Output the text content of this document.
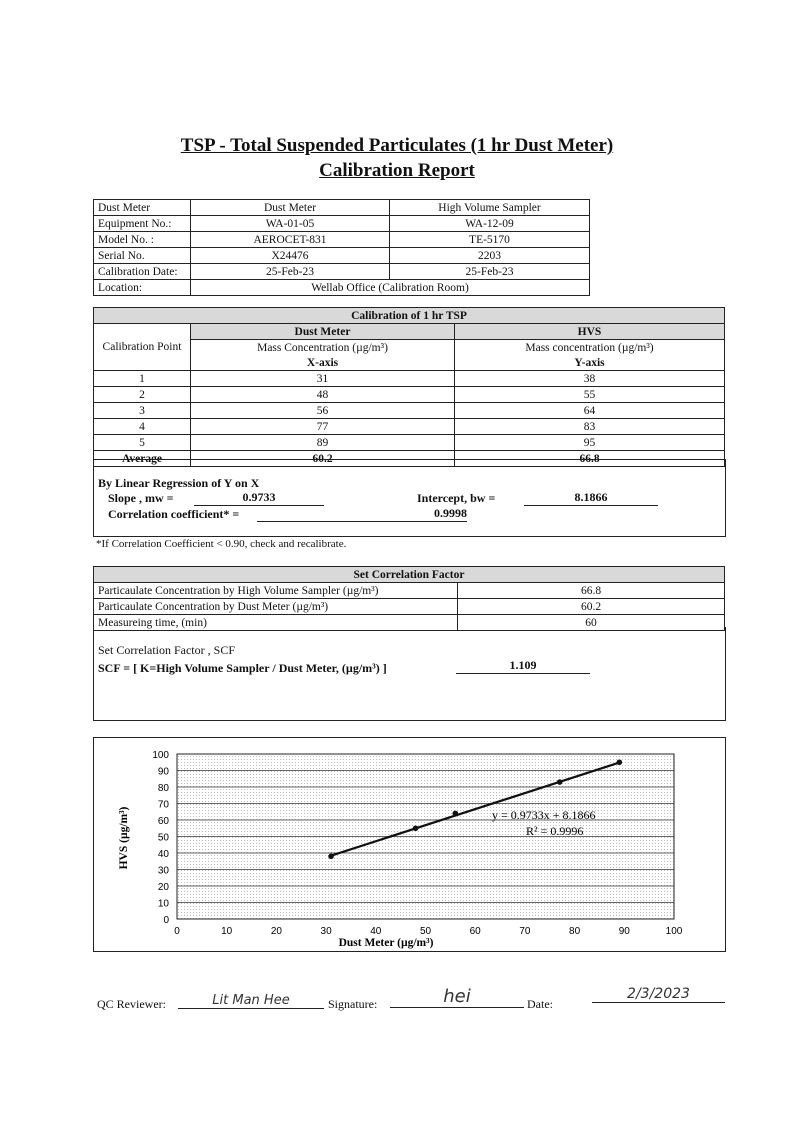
TSP - Total Suspended Particulates (1 hr Dust Meter)
Calibration Report
Dust Meter	Dust Meter	High Volume Sampler
Equipment No.:	WA-01-05	WA-12-09
Model No. :	AEROCET-831	TE-5170
Serial No.	X24476	2203
Calibration Date:	25-Feb-23	25-Feb-23
Location:	Wellab Office (Calibration Room)	
Calibration of 1 hr TSP		
Calibration Point	Dust Meter	HVS
	Mass Concentration (µg/m³)	Mass concentration (µg/m³)
	X-axis	Y-axis
1	31	38
2	48	55
3	56	64
4	77	83
5	89	95
Average	60.2	66.8
By Linear Regression of Y on X
Slope , mw =	0.9733	Intercept, bw =	8.1866
Correlation coefficient* =	0.9998
*If Correlation Coefficient < 0.90, check and recalibrate.
Set Correlation Factor	
Particaulate Concentration by High Volume Sampler (µg/m³)	66.8
Particaulate Concentration by Dust Meter (µg/m³)	60.2
Measureing time, (min)	60
Set Correlation Factor , SCF
SCF = [ K=High Volume Sampler / Dust Meter, (µg/m³) ]	1.109
0
10
20
30
40
50
60
70
80
90
100
0	10	20	30	40	50	60	70	80	90	100
y = 0.9733x + 8.1866
R² = 0.9996
Dust Meter (µg/m³)
HVS (µg/m³)
QC Reviewer:	Lit Man Hee	Signature:	hei	Date:
2/3/2023
